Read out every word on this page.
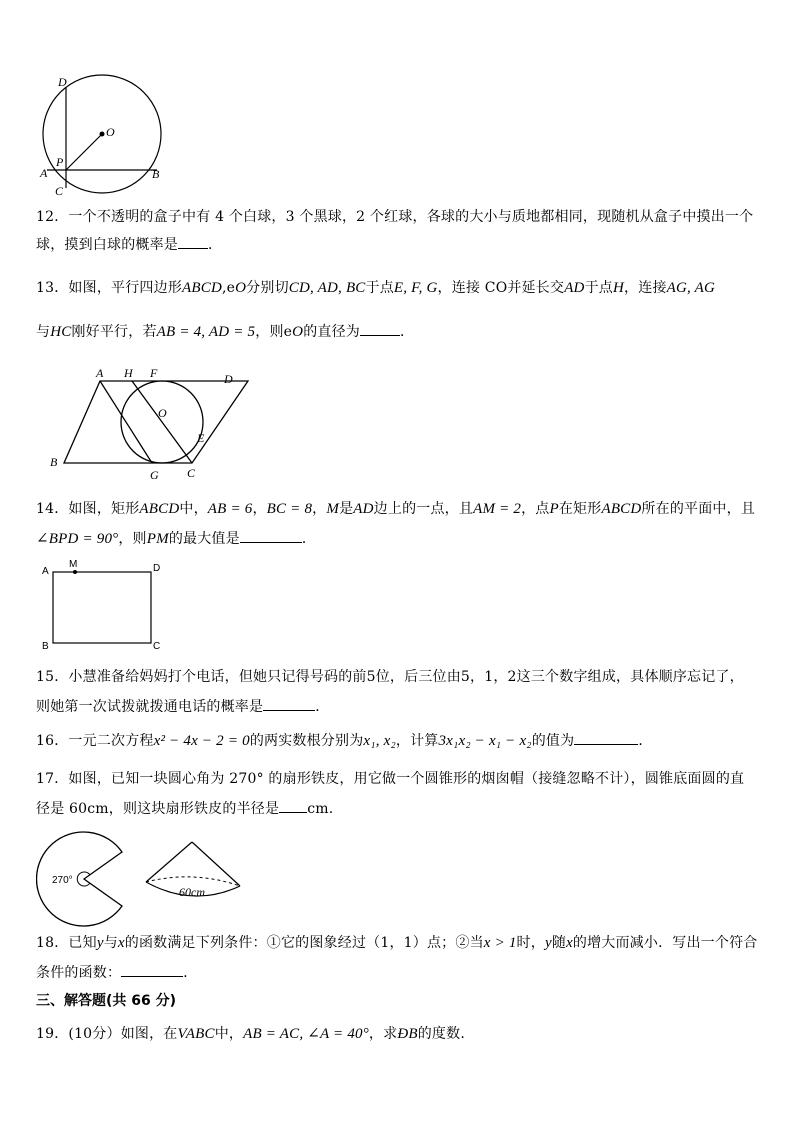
D
O
P
A
C
B
12．一个不透明的盒子中有 4 个白球，3 个黑球，2 个红球，各球的大小与质地都相同，现随机从盒子中摸出一个球，摸到白球的概率是 ．
13．如图，平行四边形ABCD,eO分别切CD, AD, BC于点E, F, G，连接 CO并延长交AD于点H，连接AG, AG
与HC刚好平行，若AB = 4, AD = 5，则eO的直径为	．
A H F	D
O
E
B
G C
14．如图，矩形ABCD中，AB = 6，BC = 8，M是AD边上的一点，且AM = 2，点P在矩形ABCD所在的平面中，且∠BPD = 90°，则PM的最大值是	．
A
M	D
B	C
15．小慧准备给妈妈打个电话，但她只记得号码的前5位，后三位由5，1，2这三个数字组成，具体顺序忘记了，则她第一次试拨就拨通电话的概率是	．
16．一元二次方程x² − 4x − 2 = 0的两实数根分别为x₁, x₂，计算3x₁x₂ − x₁ − x₂的值为	．
17．如图，已知一块圆心角为 270° 的扇形铁皮，用它做一个圆锥形的烟囱帽（接缝忽略不计），圆锥底面圆的直径是 60cm，则这块扇形铁皮的半径是 cm.
270°
60cm
18．已知y与x的函数满足下列条件：①它的图象经过（1，1）点；②当x > 1时，y随x的增大而减小．写出一个符合条件的函数：	．
三、解答题(共 66 分)
19．(10分）如图，在VABC中，AB = AC, ∠A = 40°，求ÐB的度数.
